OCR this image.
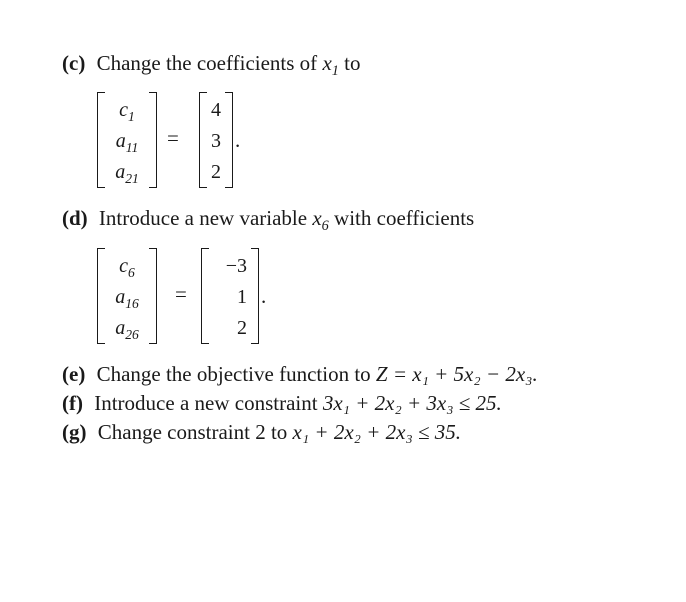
(c) Change the coefficients of $x_1$ to
$c_1$
$a_{11}$
$a_{21}$
=
4
3
2
.
(d) Introduce a new variable $x_6$ with coefficients
$c_6$
$a_{16}$
$a_{26}$
=
−3
1
2
.
(e) Change the objective function to Z = x₁ + 5x₂ − 2x₃.
(f) Introduce a new constraint 3x₁ + 2x₂ + 3x₃ ≤ 25.
(g) Change constraint 2 to x₁ + 2x₂ + 2x₃ ≤ 35.
